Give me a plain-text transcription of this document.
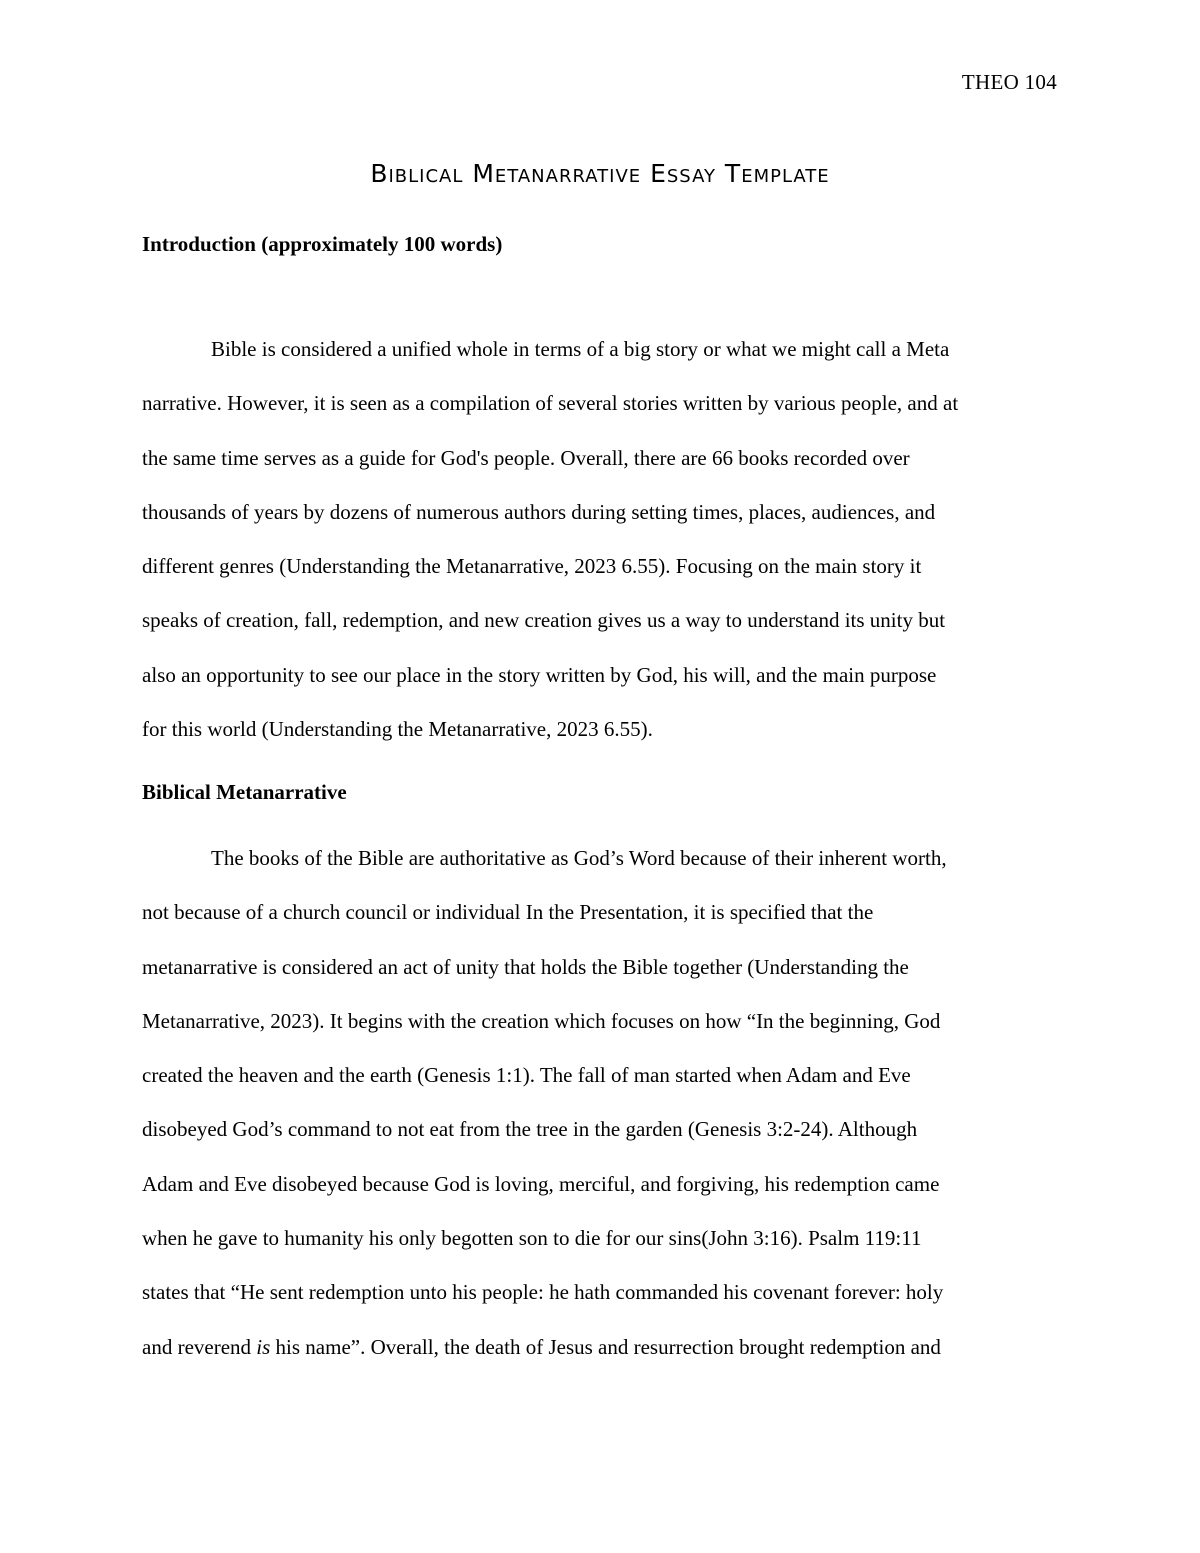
THEO 104
Biblical Metanarrative Essay Template
Introduction (approximately 100 words)

Bible is considered a unified whole in terms of a big story or what we might call a Meta
narrative. However, it is seen as a compilation of several stories written by various people, and at
the same time serves as a guide for God's people. Overall, there are 66 books recorded over
thousands of years by dozens of numerous authors during setting times, places, audiences, and
different genres (Understanding the Metanarrative, 2023 6.55). Focusing on the main story it
speaks of creation, fall, redemption, and new creation gives us a way to understand its unity but
also an opportunity to see our place in the story written by God, his will, and the main purpose
for this world (Understanding the Metanarrative, 2023 6.55).

Biblical Metanarrative

The books of the Bible are authoritative as God’s Word because of their inherent worth,
not because of a church council or individual In the Presentation, it is specified that the
metanarrative is considered an act of unity that holds the Bible together (Understanding the
Metanarrative, 2023). It begins with the creation which focuses on how “In the beginning, God
created the heaven and the earth (Genesis 1:1). The fall of man started when Adam and Eve
disobeyed God’s command to not eat from the tree in the garden (Genesis 3:2-24). Although
Adam and Eve disobeyed because God is loving, merciful, and forgiving, his redemption came
when he gave to humanity his only begotten son to die for our sins(John 3:16). Psalm 119:11
states that “He sent redemption unto his people: he hath commanded his covenant forever: holy
and reverend is his name”. Overall, the death of Jesus and resurrection brought redemption and
